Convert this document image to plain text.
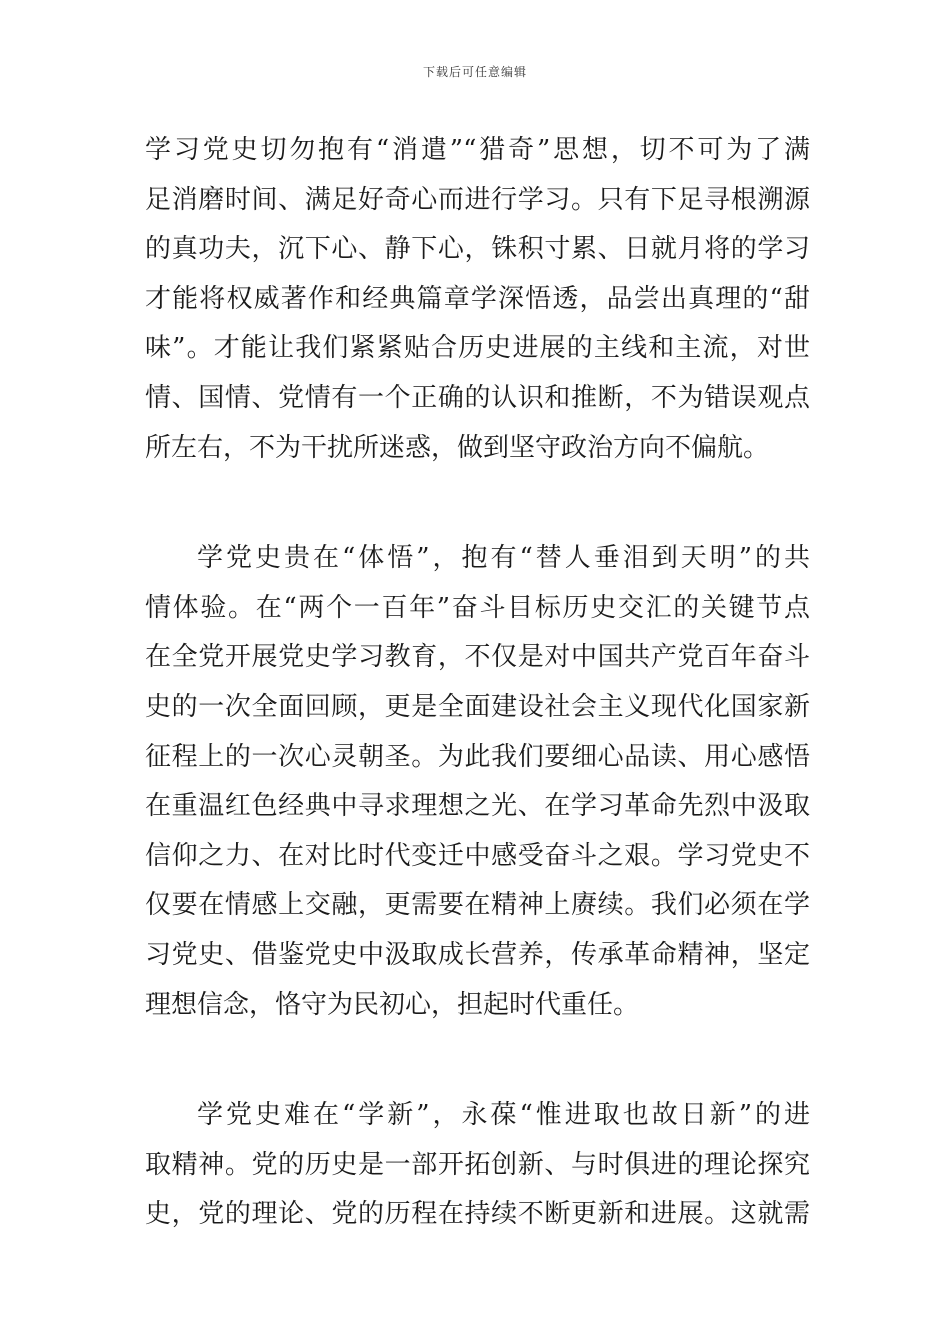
下载后可任意编辑
学习党史切勿抱有“消遣”“猎奇”思想，切不可为了满
足消磨时间、满足好奇心而进行学习。只有下足寻根溯源
的真功夫，沉下心、静下心，铢积寸累、日就月将的学习
才能将权威著作和经典篇章学深悟透，品尝出真理的“甜
味”。才能让我们紧紧贴合历史进展的主线和主流，对世
情、国情、党情有一个正确的认识和推断，不为错误观点
所左右，不为干扰所迷惑，做到坚守政治方向不偏航。
学党史贵在“体悟”，抱有“替人垂泪到天明”的共
情体验。在“两个一百年”奋斗目标历史交汇的关键节点
在全党开展党史学习教育，不仅是对中国共产党百年奋斗
史的一次全面回顾，更是全面建设社会主义现代化国家新
征程上的一次心灵朝圣。为此我们要细心品读、用心感悟
在重温红色经典中寻求理想之光、在学习革命先烈中汲取
信仰之力、在对比时代变迁中感受奋斗之艰。学习党史不
仅要在情感上交融，更需要在精神上赓续。我们必须在学
习党史、借鉴党史中汲取成长营养，传承革命精神，坚定
理想信念，恪守为民初心，担起时代重任。
学党史难在“学新”，永葆“惟进取也故日新”的进
取精神。党的历史是一部开拓创新、与时俱进的理论探究
史，党的理论、党的历程在持续不断更新和进展。这就需
